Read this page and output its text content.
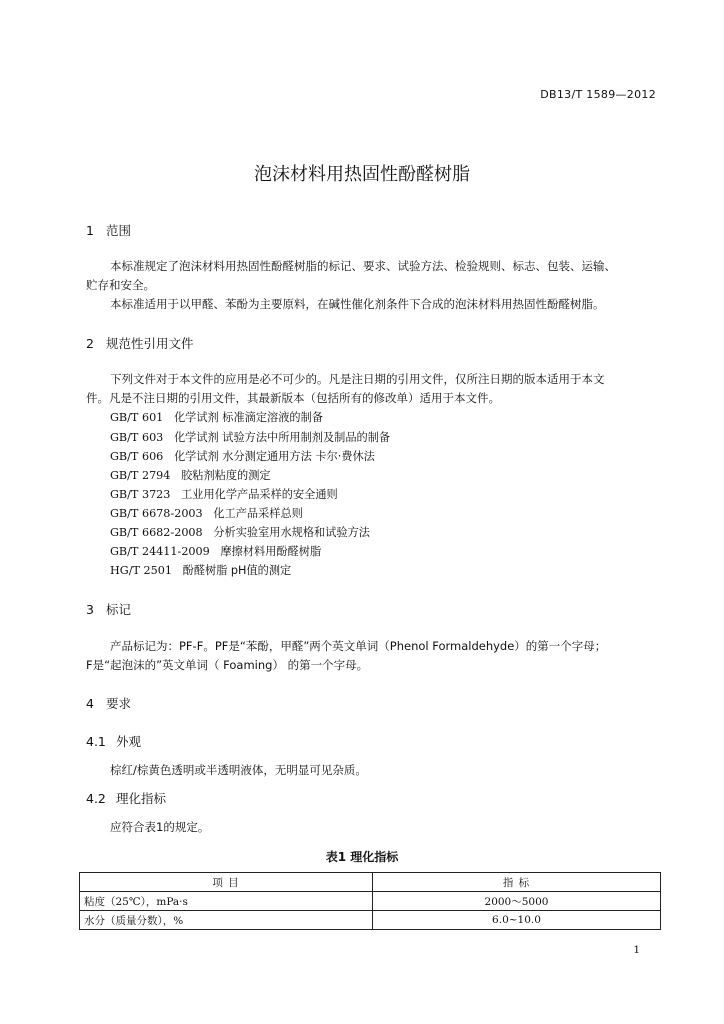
DB13/T 1589—2012
泡沫材料用热固性酚醛树脂
1 范围
本标准规定了泡沫材料用热固性酚醛树脂的标记、要求、试验方法、检验规则、标志、包装、运输、
贮存和安全。
本标准适用于以甲醛、苯酚为主要原料，在碱性催化剂条件下合成的泡沫材料用热固性酚醛树脂。
2 规范性引用文件
下列文件对于本文件的应用是必不可少的。凡是注日期的引用文件，仅所注日期的版本适用于本文
件。凡是不注日期的引用文件，其最新版本（包括所有的修改单）适用于本文件。
GB/T 601 化学试剂 标准滴定溶液的制备
GB/T 603 化学试剂 试验方法中所用制剂及制品的制备
GB/T 606 化学试剂 水分测定通用方法 卡尔·费休法
GB/T 2794 胶粘剂粘度的测定
GB/T 3723 工业用化学产品采样的安全通则
GB/T 6678-2003 化工产品采样总则
GB/T 6682-2008 分析实验室用水规格和试验方法
GB/T 24411-2009 摩擦材料用酚醛树脂
HG/T 2501 酚醛树脂 pH值的测定
3 标记
产品标记为：PF-F。PF是“苯酚，甲醛”两个英文单词（Phenol Formaldehyde）的第一个字母；
F是“起泡沫的”英文单词（ Foaming） 的第一个字母。
4 要求
4.1 外观
棕红/棕黄色透明或半透明液体，无明显可见杂质。
4.2 理化指标
应符合表1的规定。
表1 理化指标
项 目	指 标
粘度（25℃），mPa·s	2000～5000
水分（质量分数），%	6.0~10.0
1
